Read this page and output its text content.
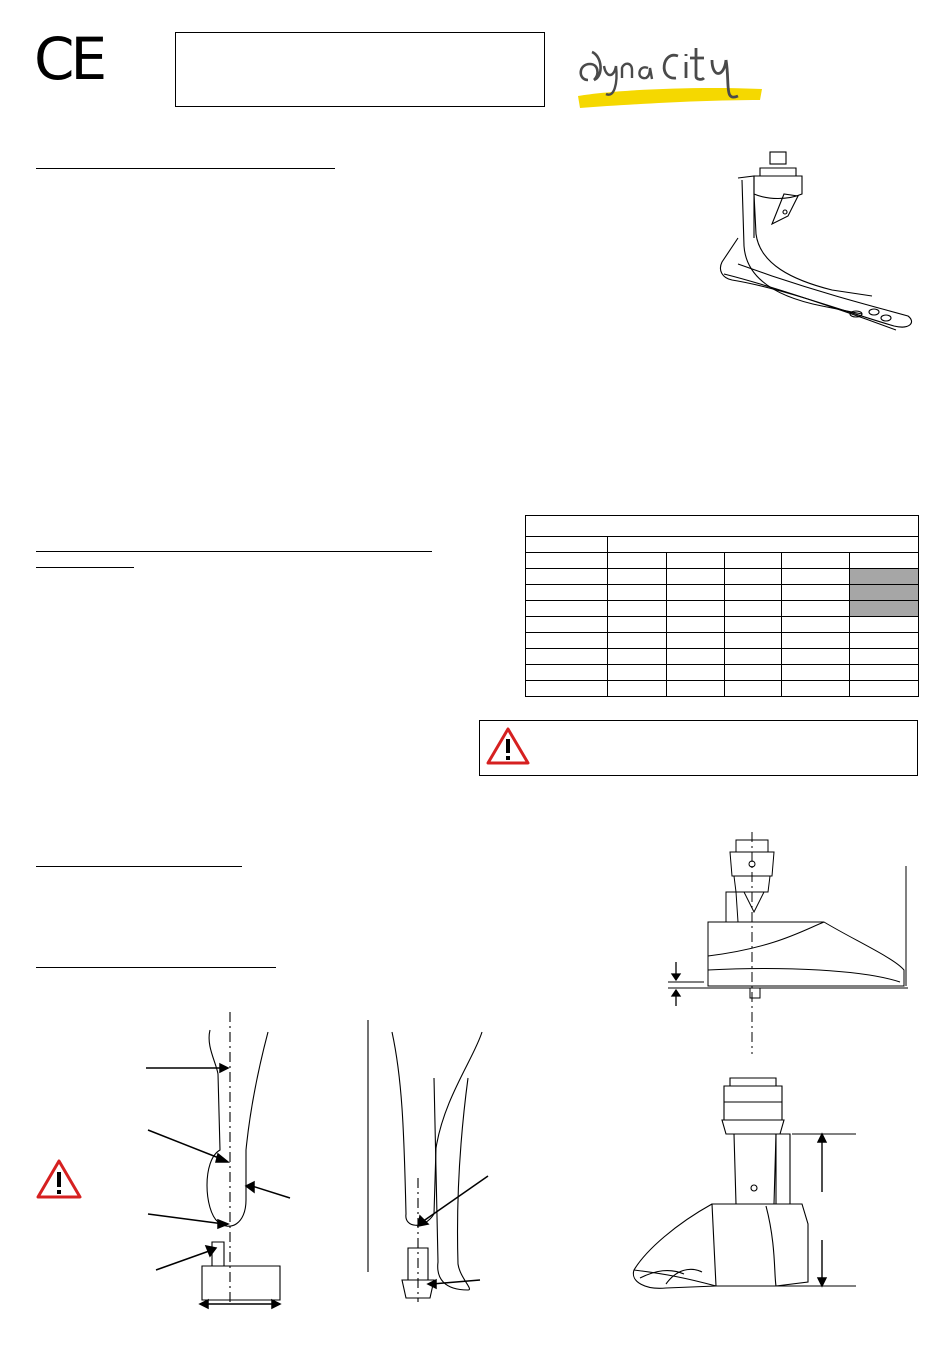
CE
